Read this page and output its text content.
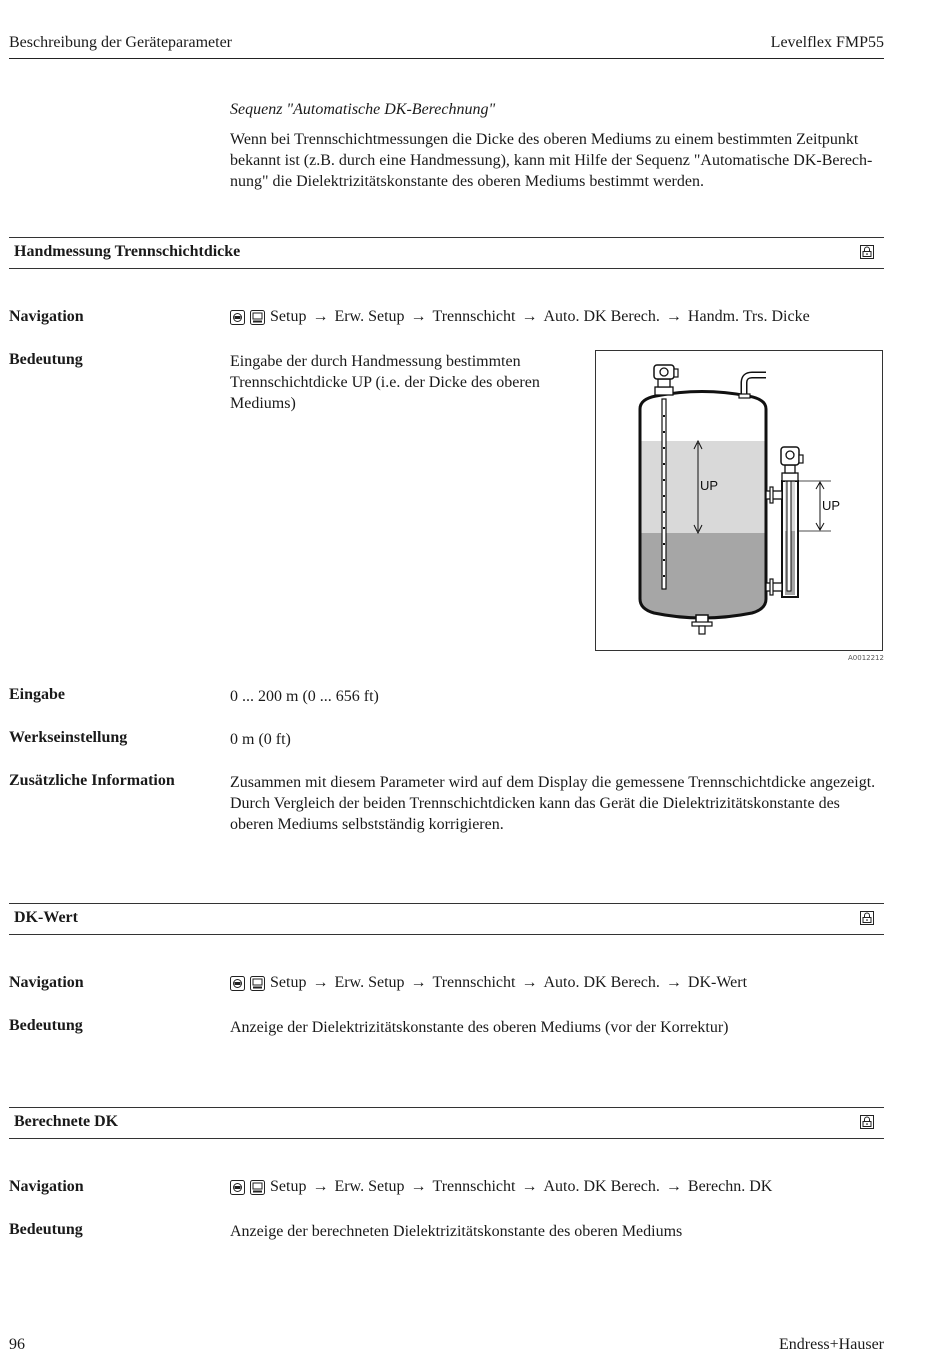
Beschreibung der Geräteparameter	Levelflex FMP55
Sequenz "Automatische DK-Berechnung"
Wenn bei Trennschichtmessungen die Dicke des oberen Mediums zu einem bestimmten Zeitpunkt
bekannt ist (z.B. durch eine Handmessung), kann mit Hilfe der Sequenz "Automatische DK-Berech-
nung" die Dielektrizitätskonstante des oberen Mediums bestimmt werden.
Handmessung Trennschichtdicke
Navigation	Setup → Erw. Setup → Trennschicht → Auto. DK Berech. → Handm. Trs. Dicke
Bedeutung	Eingabe der durch Handmessung bestimmten
Trennschichtdicke UP (i.e. der Dicke des oberen
Mediums)
UP
UP
A0012212
Eingabe	0 ... 200 m (0 ... 656 ft)
Werkseinstellung	0 m (0 ft)
Zusätzliche Information	Zusammen mit diesem Parameter wird auf dem Display die gemessene Trennschichtdicke angezeigt.
Durch Vergleich der beiden Trennschichtdicken kann das Gerät die Dielektrizitätskonstante des
oberen Mediums selbstständig korrigieren.
DK-Wert
Navigation	Setup → Erw. Setup → Trennschicht → Auto. DK Berech. → DK-Wert
Bedeutung	Anzeige der Dielektrizitätskonstante des oberen Mediums (vor der Korrektur)
Berechnete DK
Navigation	Setup → Erw. Setup → Trennschicht → Auto. DK Berech. → Berechn. DK
Bedeutung	Anzeige der berechneten Dielektrizitätskonstante des oberen Mediums
96	Endress+Hauser
